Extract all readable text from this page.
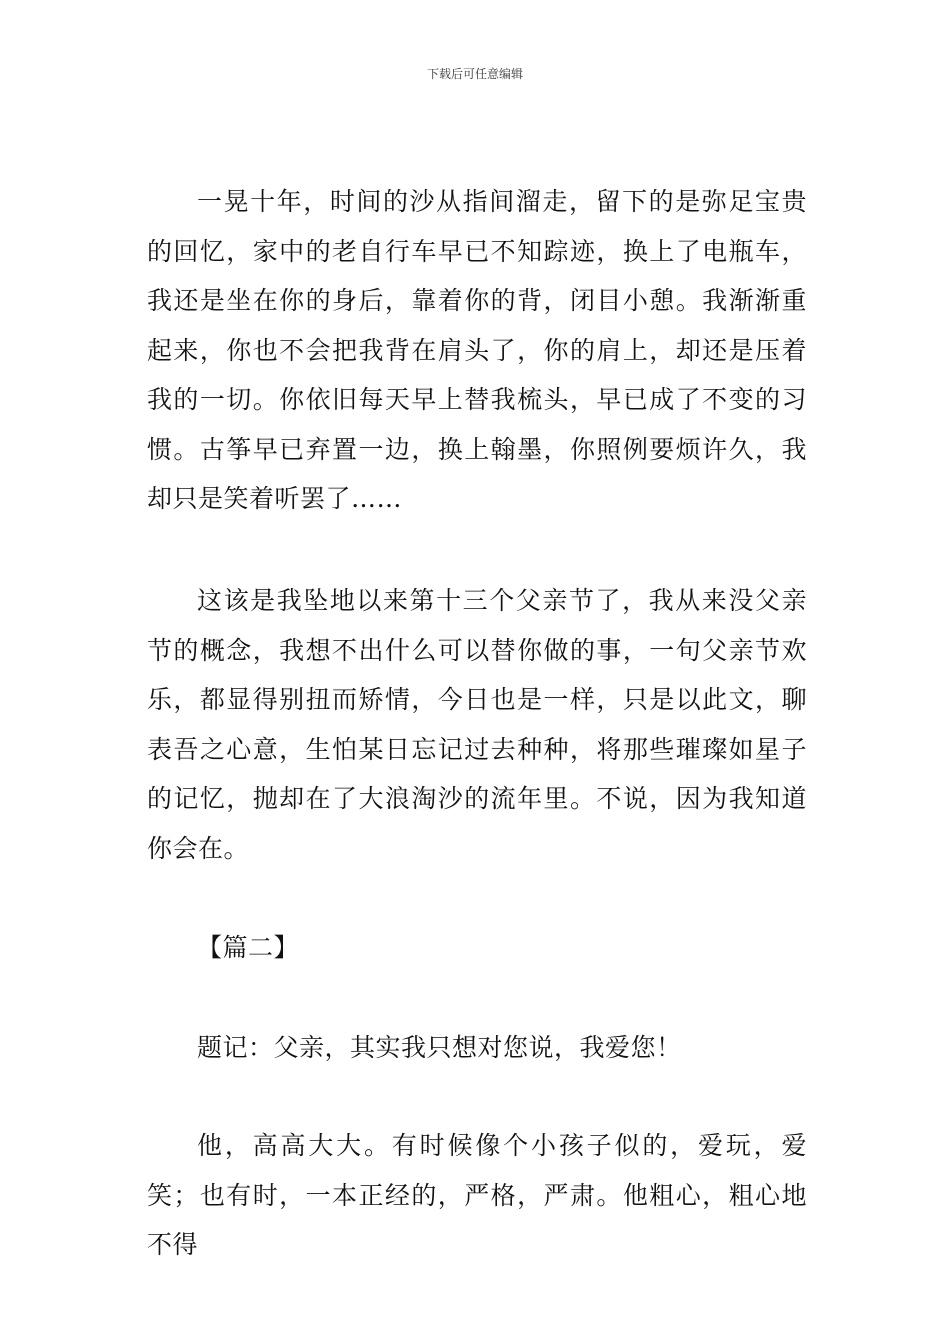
下载后可任意编辑
一晃十年，时间的沙从指间溜走，留下的是弥足宝贵的回忆，家中的老自行车早已不知踪迹，换上了电瓶车，我还是坐在你的身后，靠着你的背，闭目小憩。我渐渐重起来，你也不会把我背在肩头了，你的肩上，却还是压着我的一切。你依旧每天早上替我梳头，早已成了不变的习惯。古筝早已弃置一边，换上翰墨，你照例要烦许久，我却只是笑着听罢了……
这该是我坠地以来第十三个父亲节了，我从来没父亲节的概念，我想不出什么可以替你做的事，一句父亲节欢乐，都显得别扭而矫情，今日也是一样，只是以此文，聊表吾之心意，生怕某日忘记过去种种，将那些璀璨如星子的记忆，抛却在了大浪淘沙的流年里。不说，因为我知道你会在。
【篇二】
题记：父亲，其实我只想对您说，我爱您！
他，高高大大。有时候像个小孩子似的，爱玩，爱笑；也有时，一本正经的，严格，严肃。他粗心，粗心地不得
